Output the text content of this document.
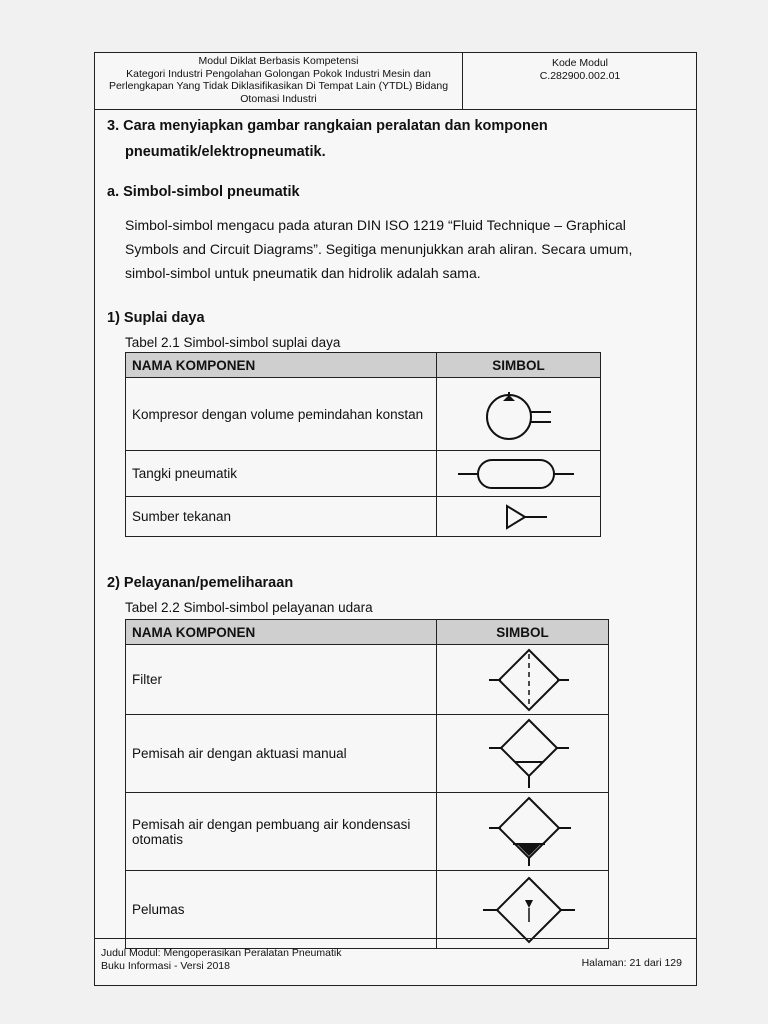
Modul Diklat Berbasis Kompetensi
Kategori Industri Pengolahan Golongan Pokok Industri Mesin dan
Perlengkapan Yang Tidak Diklasifikasikan Di Tempat Lain (YTDL) Bidang
Otomasi Industri
Kode Modul
C.282900.002.01
3. Cara menyiapkan gambar rangkaian peralatan dan komponen
pneumatik/elektropneumatik.
a. Simbol-simbol pneumatik
Simbol-simbol mengacu pada aturan DIN ISO 1219 “Fluid Technique – Graphical
Symbols and Circuit Diagrams”. Segitiga menunjukkan arah aliran. Secara umum,
simbol-simbol untuk pneumatik dan hidrolik adalah sama.
1) Suplai daya
Tabel 2.1 Simbol-simbol suplai daya
NAMA KOMPONEN	SIMBOL
Kompresor dengan volume pemindahan konstan	

Tangki pneumatik	

Sumber tekanan	
2) Pelayanan/pemeliharaan
Tabel 2.2 Simbol-simbol pelayanan udara
NAMA KOMPONEN	SIMBOL
Filter	

Pemisah air dengan aktuasi manual	

Pemisah air dengan pembuang air kondensasi otomatis	

Pelumas	
Judul Modul: Mengoperasikan Peralatan Pneumatik
Buku Informasi - Versi 2018	Halaman: 21 dari 129
